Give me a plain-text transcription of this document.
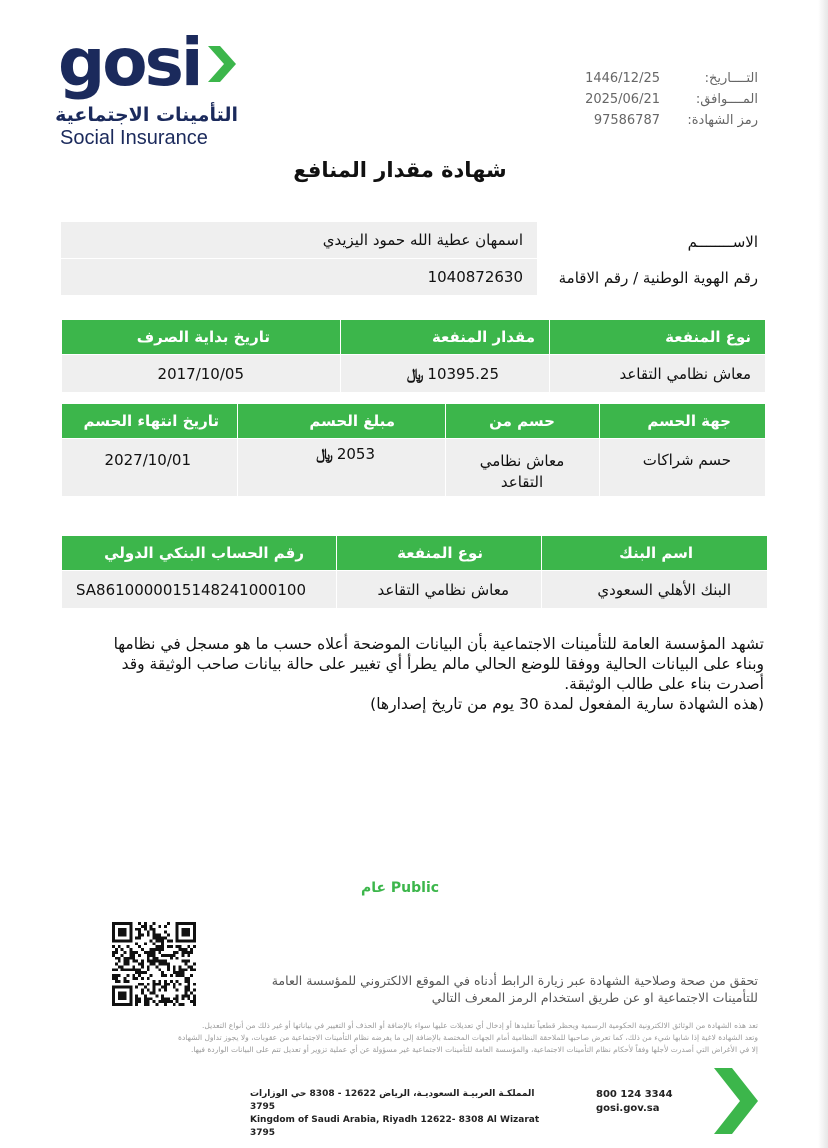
gosi
التأمينات الاجتماعية
Social Insurance
التــــاريخ:
المــــوافق:
رمز الشهادة:
1446/12/25
2025/06/21
97586787
شهادة مقدار المنافع
الاســــــــم
اسمهان عطية الله حمود اليزيدي
رقم الهوية الوطنية / رقم الاقامة
1040872630
نوع المنفعة
مقدار المنفعة
تاريخ بداية الصرف
معاش نظامي التقاعد
10395.25
﷼
2017/10/05
جهة الحسم
حسم من
مبلغ الحسم
تاريخ انتهاء الحسم
حسم شراكات
معاش نظامي التقاعد
2053
﷼
2027/10/01
اسم البنك
نوع المنفعة
رقم الحساب البنكي الدولي
البنك الأهلي السعودي
معاش نظامي التقاعد
SA8610000015148241000100
تشهد المؤسسة العامة للتأمينات الاجتماعية بأن البيانات الموضحة أعلاه حسب ما هو مسجل في نظامها
وبناء على البيانات الحالية ووفقا للوضع الحالي مالم يطرأ أي تغيير على حالة بيانات صاحب الوثيقة وقد
أصدرت بناء على طالب الوثيقة.
(هذه الشهادة سارية المفعول لمدة 30 يوم من تاريخ إصدارها)
Public عام
تحقق من صحة وصلاحية الشهادة عبر زيارة الرابط أدناه في الموقع الالكتروني للمؤسسة العامة
للتأمينات الاجتماعية او عن طريق استخدام الرمز المعرف التالي
تعد هذه الشهادة من الوثائق الالكترونية الحكومية الرسمية ويحظر قطعياً تقليدها أو إدخال أي تعديلات عليها سواء بالإضافة أو الحذف أو التغيير في بياناتها أو غير ذلك من أنواع التعديل.
وتعد الشهادة لاغية إذا شابها شيء من ذلك، كما تعرض صاحبها للملاحقة النظامية أمام الجهات المختصة بالإضافة إلى ما يفرضه نظام التأمينات الاجتماعية من عقوبات، ولا يجوز تداول الشهادة
إلا في الأغراض التي أصدرت لأجلها وفقاً لأحكام نظام التأمينات الاجتماعية، والمؤسسة العامة للتأمينات الاجتماعية غير مسؤولة عن أي عملية تزوير أو تعديل تتم على البيانات الواردة فيها.
المملكـة العربيـة السعوديـة، الرياض 12622 - 8308 حي الوزارات 3795
Kingdom of Saudi Arabia, Riyadh 12622- 8308 Al Wizarat 3795
800 124 3344
gosi.gov.sa
